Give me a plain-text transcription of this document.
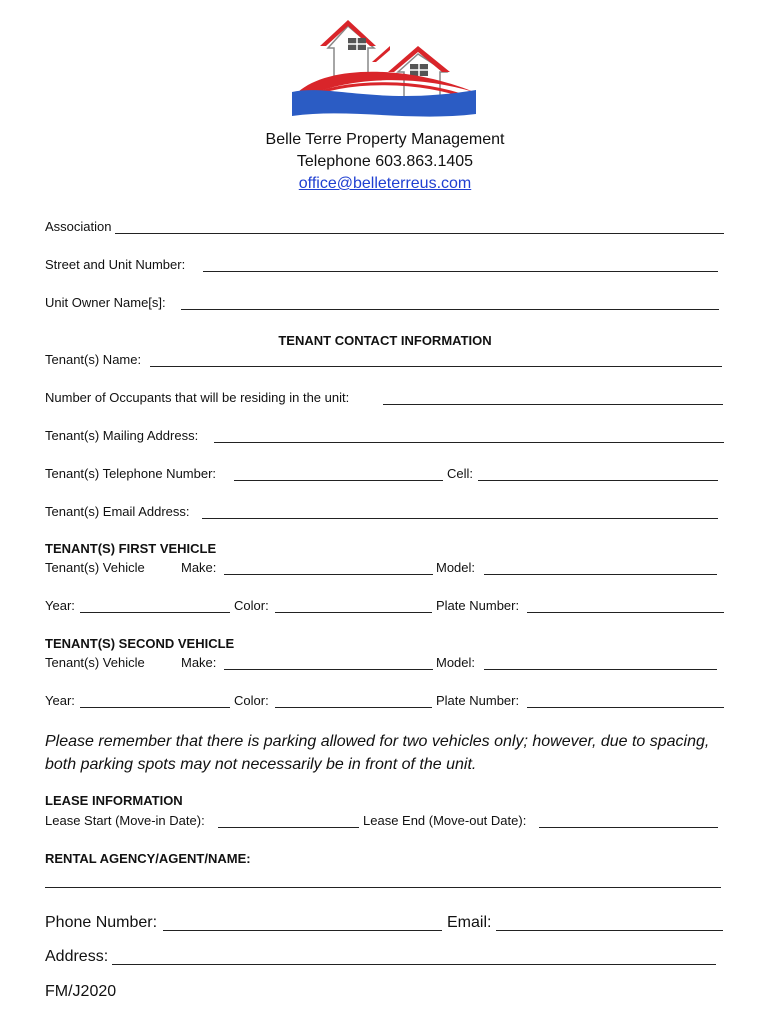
Belle Terre Property Management
Telephone 603.863.1405
office@belleterreus.com
Association
Street and Unit Number:
Unit Owner Name[s]:
TENANT CONTACT INFORMATION
Tenant(s) Name:
Number of Occupants that will be residing in the unit:
Tenant(s) Mailing Address:
Tenant(s) Telephone Number:	Cell:
Tenant(s) Email Address:
TENANT(S) FIRST VEHICLE
Tenant(s) Vehicle	Make:	Model:
Year:	Color:	Plate Number:
TENANT(S) SECOND VEHICLE
Tenant(s) Vehicle	Make:	Model:
Year:	Color:	Plate Number:
Please remember that there is parking allowed for two vehicles only; however, due to spacing, both parking spots may not necessarily be in front of the unit.
LEASE INFORMATION
Lease Start (Move-in Date):	Lease End (Move-out Date):
RENTAL AGENCY/AGENT/NAME:
Phone Number:	Email:
Address:
FM/J2020
